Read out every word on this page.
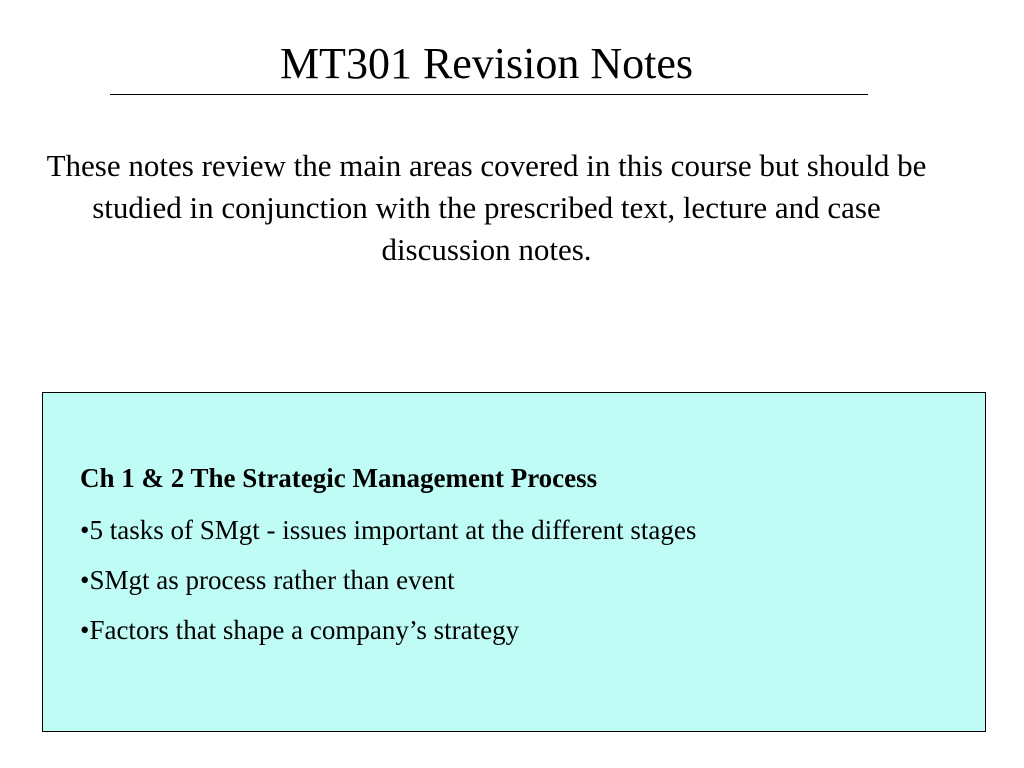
MT301 Revision Notes

These notes review the main areas covered in this course but should be studied in conjunction with the prescribed text, lecture and case discussion notes.

Ch 1 & 2 The Strategic Management Process

•5 tasks of SMgt - issues important at the different stages
•SMgt as process rather than event
•Factors that shape a company’s strategy
